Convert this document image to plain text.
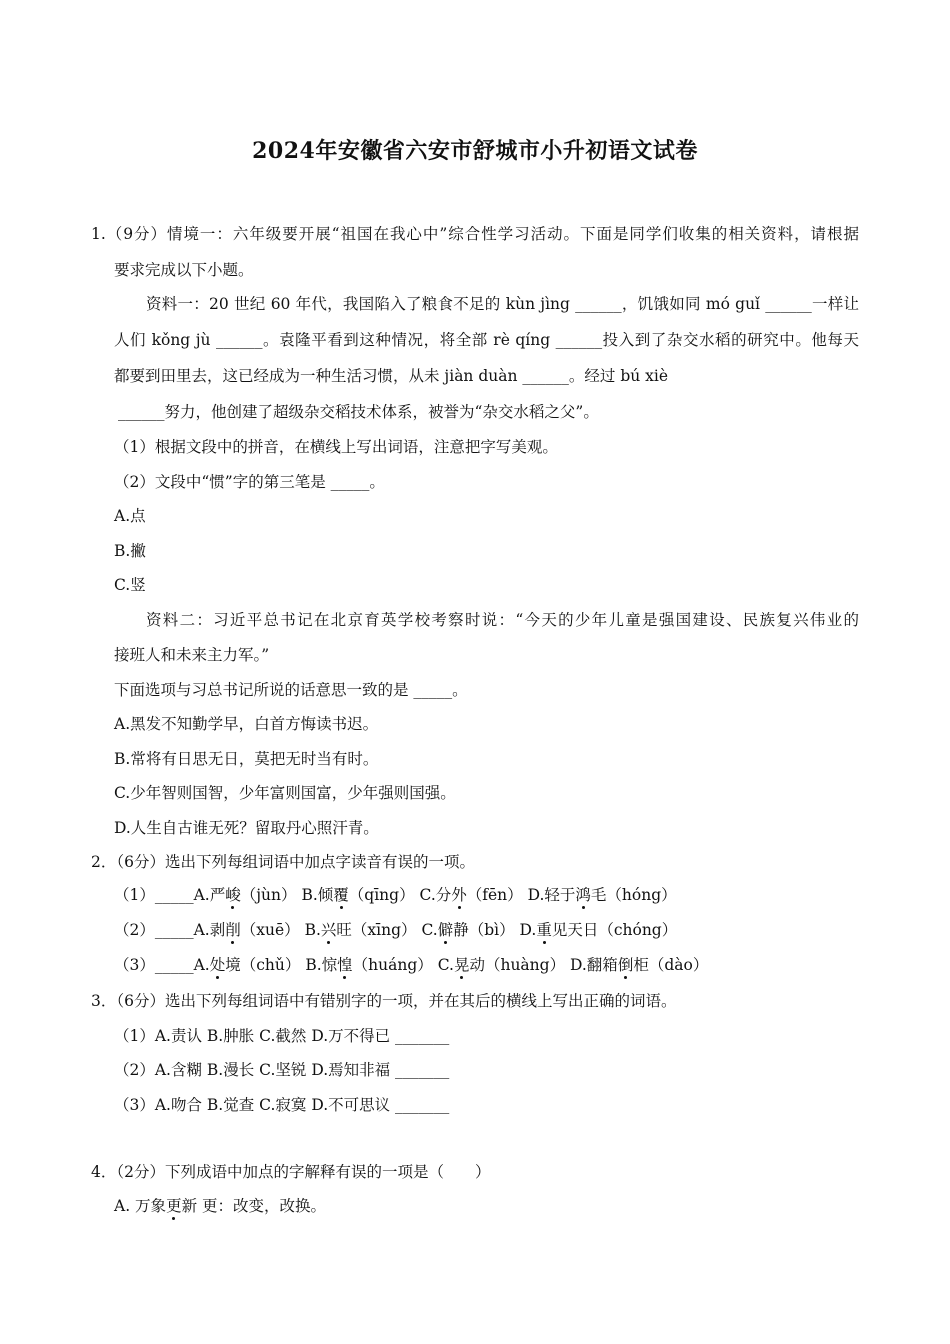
2024年安徽省六安市舒城市小升初语文试卷
1.（9分）情境一：六年级要开展“祖国在我心中”综合性学习活动。下面是同学们收集的相关资料，请根据
要求完成以下小题。
资料一：20 世纪 60 年代，我国陷入了粮食不足的 kùn jìng ______，饥饿如同 mó guǐ ______一样让
人们 kǒng jù ______。袁隆平看到这种情况，将全部 rè qíng ______投入到了杂交水稻的研究中。他每天
都要到田里去，这已经成为一种生活习惯，从未 jiàn duàn ______。经过 bú xiè
______努力，他创建了超级杂交稻技术体系，被誉为“杂交水稻之父”。
（1）根据文段中的拼音，在横线上写出词语，注意把字写美观。
（2）文段中“惯”字的第三笔是 _____。
A.点
B.撇
C.竖
资料二：习近平总书记在北京育英学校考察时说：“今天的少年儿童是强国建设、民族复兴伟业的
接班人和未来主力军。”
下面选项与习总书记所说的话意思一致的是 _____。
A.黑发不知勤学早，白首方悔读书迟。
B.常将有日思无日，莫把无时当有时。
C.少年智则国智，少年富则国富，少年强则国强。
D.人生自古谁无死？留取丹心照汗青。
2．（6分）选出下列每组词语中加点字读音有误的一项。
（1）_____A.严峻（jùn） B.倾覆（qīng） C.分外（fēn） D.轻于鸿毛（hóng）
（2）_____A.剥削（xuē） B.兴旺（xīng） C.僻静（bì） D.重见天日（chóng）
（3）_____A.处境（chǔ） B.惊惶（huáng） C.晃动（huàng） D.翻箱倒柜（dào）
3．（6分）选出下列每组词语中有错别字的一项，并在其后的横线上写出正确的词语。
（1）A.责认 B.肿胀 C.截然 D.万不得已 _______
（2）A.含糊 B.漫长 C.坚锐 D.焉知非福 _______
（3）A.吻合 B.觉查 C.寂寞 D.不可思议 _______
4．（2分）下列成语中加点的字解释有误的一项是（　　）
A. 万象更新 更：改变，改换。
